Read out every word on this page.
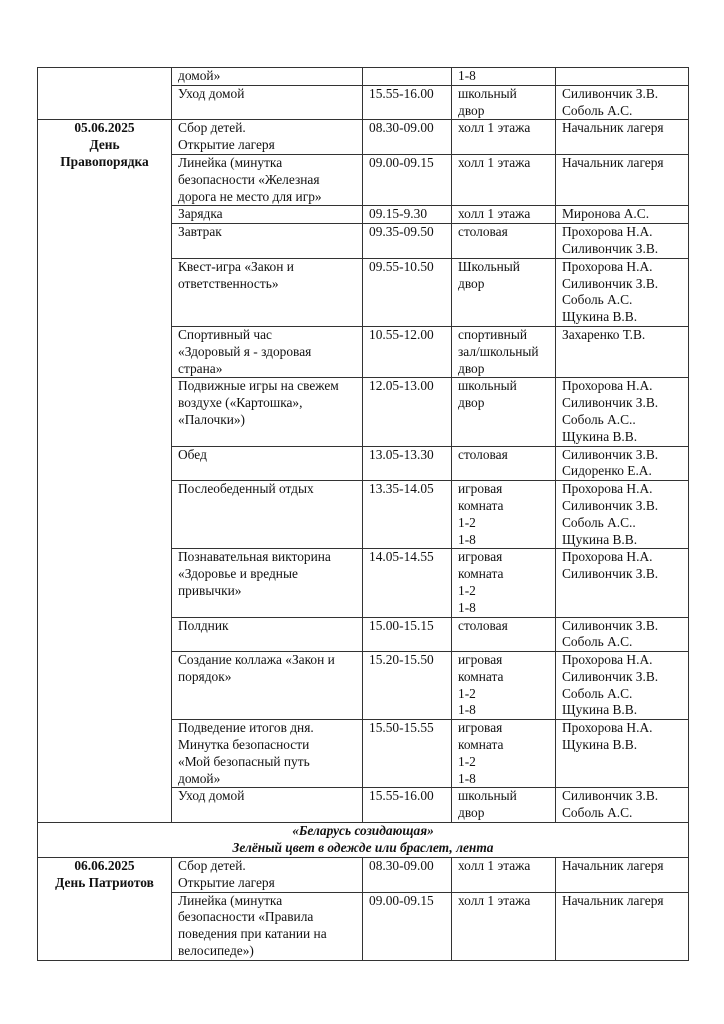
	домой»		1-8	
	Уход домой	15.55-16.00	школьный
двор	Силивончик З.В.
Соболь А.С.
05.06.2025
День
Правопорядка	Сбор детей.
Открытие лагеря	08.30-09.00	холл 1 этажа	Начальник лагеря
	Линейка (минутка
безопасности «Железная
дорога не место для игр»	09.00-09.15	холл 1 этажа	Начальник лагеря
	Зарядка	09.15-9.30	холл 1 этажа	Миронова А.С.
	Завтрак	09.35-09.50	столовая	Прохорова Н.А.
Силивончик З.В.
	Квест-игра «Закон и
ответственность»	09.55-10.50	Школьный
двор	Прохорова Н.А.
Силивончик З.В.
Соболь А.С.
Щукина В.В.
	Спортивный час
«Здоровый я - здоровая
страна»	10.55-12.00	спортивный
зал/школьный
двор	Захаренко Т.В.
	Подвижные игры на свежем
воздухе («Картошка»,
«Палочки»)	12.05-13.00	школьный
двор	Прохорова Н.А.
Силивончик З.В.
Соболь А.С..
Щукина В.В.
	Обед	13.05-13.30	столовая	Силивончик З.В.
Сидоренко Е.А.
	Послеобеденный отдых	13.35-14.05	игровая
комната
1-2
1-8	Прохорова Н.А.
Силивончик З.В.
Соболь А.С..
Щукина В.В.
	Познавательная викторина
«Здоровье и вредные
привычки»	14.05-14.55	игровая
комната
1-2
1-8	Прохорова Н.А.
Силивончик З.В.
	Полдник	15.00-15.15	столовая	Силивончик З.В.
Соболь А.С.
	Создание коллажа «Закон и
порядок»	15.20-15.50	игровая
комната
1-2
1-8	Прохорова Н.А.
Силивончик З.В.
Соболь А.С.
Щукина В.В.
	Подведение итогов дня.
Минутка безопасности
«Мой безопасный путь
домой»	15.50-15.55	игровая
комната
1-2
1-8	Прохорова Н.А.
Щукина В.В.
	Уход домой	15.55-16.00	школьный
двор	Силивончик З.В.
Соболь А.С.
«Беларусь созидающая»
Зелёный цвет в одежде или браслет, лента				
06.06.2025
День Патриотов	Сбор детей.
Открытие лагеря	08.30-09.00	холл 1 этажа	Начальник лагеря
	Линейка (минутка
безопасности «Правила
поведения при катании на
велосипеде»)	09.00-09.15	холл 1 этажа	Начальник лагеря
